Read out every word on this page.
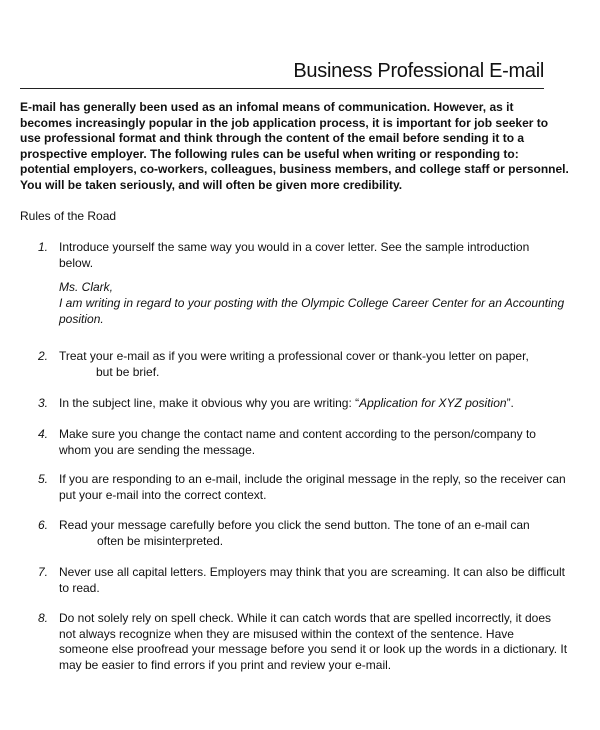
Business Professional E-mail

E-mail has generally been used as an infomal means of communication. However, as it
becomes increasingly popular in the job application process, it is important for job seeker to
use professional format and think through the content of the email before sending it to a
prospective employer. The following rules can be useful when writing or responding to:
potential employers, co-workers, colleagues, business members, and college staff or personnel.
You will be taken seriously, and will often be given more credibility.

Rules of the Road

1. Introduce yourself the same way you would in a cover letter. See the sample introduction
below.
Ms. Clark,
I am writing in regard to your posting with the Olympic College Career Center for an Accounting
position.
2. Treat your e-mail as if you were writing a professional cover or thank-you letter on paper,
but be brief.
3. In the subject line, make it obvious why you are writing: “Application for XYZ position”.
4. Make sure you change the contact name and content according to the person/company to
whom you are sending the message.
5. If you are responding to an e-mail, include the original message in the reply, so the receiver can
put your e-mail into the correct context.
6. Read your message carefully before you click the send button. The tone of an e-mail can
often be misinterpreted.
7. Never use all capital letters. Employers may think that you are screaming. It can also be difficult
to read.
8. Do not solely rely on spell check. While it can catch words that are spelled incorrectly, it does
not always recognize when they are misused within the context of the sentence. Have
someone else proofread your message before you send it or look up the words in a dictionary. It
may be easier to find errors if you print and review your e-mail.
